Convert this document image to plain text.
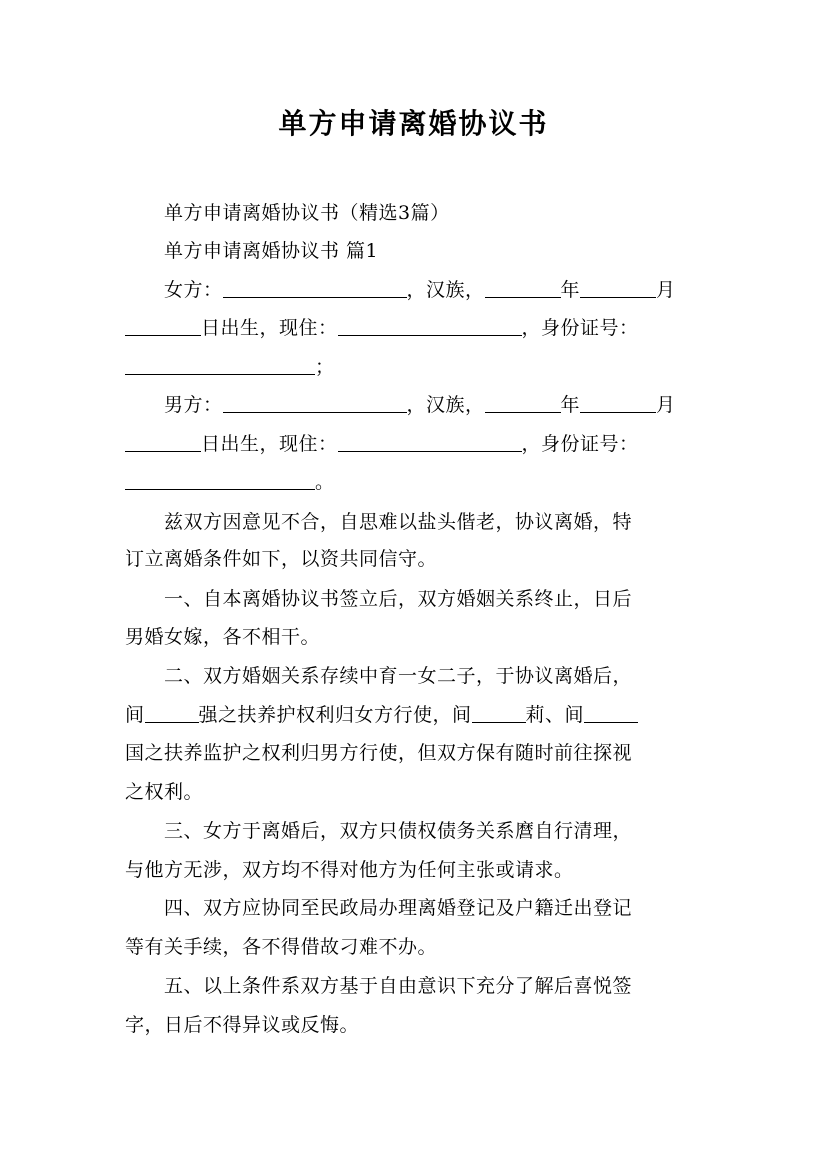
单方申请离婚协议书
单方申请离婚协议书（精选3篇）
单方申请离婚协议书 篇1
女方：	，汉族，	年	月
日出生，现住：	，身份证号：
；
男方：	，汉族，	年	月
日出生，现住：	，身份证号：
。
兹双方因意见不合，自思难以盐头偕老，协议离婚，特
订立离婚条件如下，以资共同信守。
一、自本离婚协议书签立后，双方婚姻关系终止，日后
男婚女嫁，各不相干。
二、双方婚姻关系存续中育一女二子，于协议离婚后，
间	强之扶养护权利归女方行使，间	莉、间
国之扶养监护之权利归男方行使，但双方保有随时前往探视
之权利。
三、女方于离婚后，双方只债权债务关系麿自行清理，
与他方无涉，双方均不得对他方为任何主张或请求。
四、双方应协同至民政局办理离婚登记及户籍迁出登记
等有关手续，各不得借故刁难不办。
五、以上条件系双方基于自由意识下充分了解后喜悦签
字，日后不得异议或反悔。
